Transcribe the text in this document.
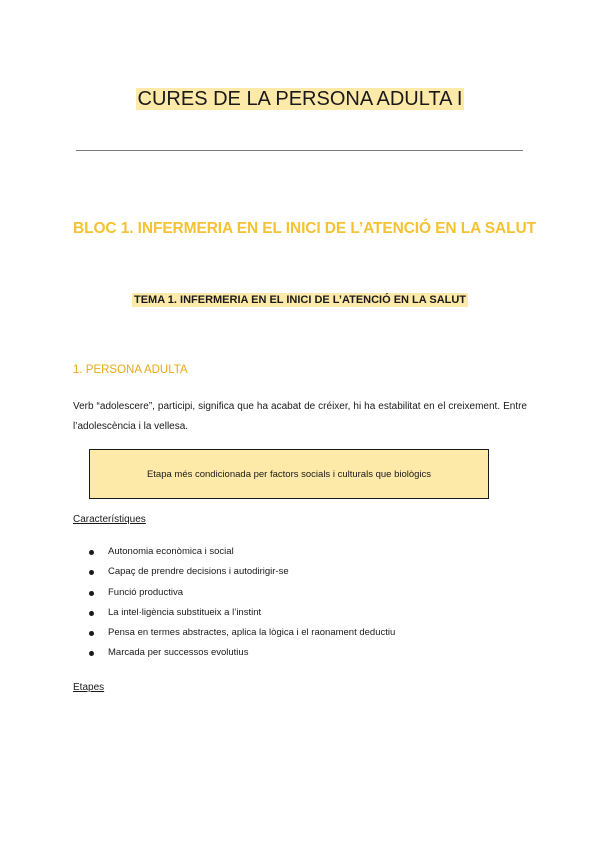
CURES DE LA PERSONA ADULTA I
BLOC 1. INFERMERIA EN EL INICI DE L’ATENCIÓ EN LA SALUT
TEMA 1. INFERMERIA EN EL INICI DE L’ATENCIÓ EN LA SALUT
1. PERSONA ADULTA
Verb “adolescere”, participi, significa que ha acabat de créixer, hi ha estabilitat en el creixement. Entre l’adolescència i la vellesa.
Etapa més condicionada per factors socials i culturals que biològics
Característiques
Autonomia econòmica i social
Capaç de prendre decisions i autodirigir-se
Funció productiva
La intel·ligència substitueix a l’instint
Pensa en termes abstractes, aplica la lògica i el raonament deductiu
Marcada per successos evolutius
Etapes
